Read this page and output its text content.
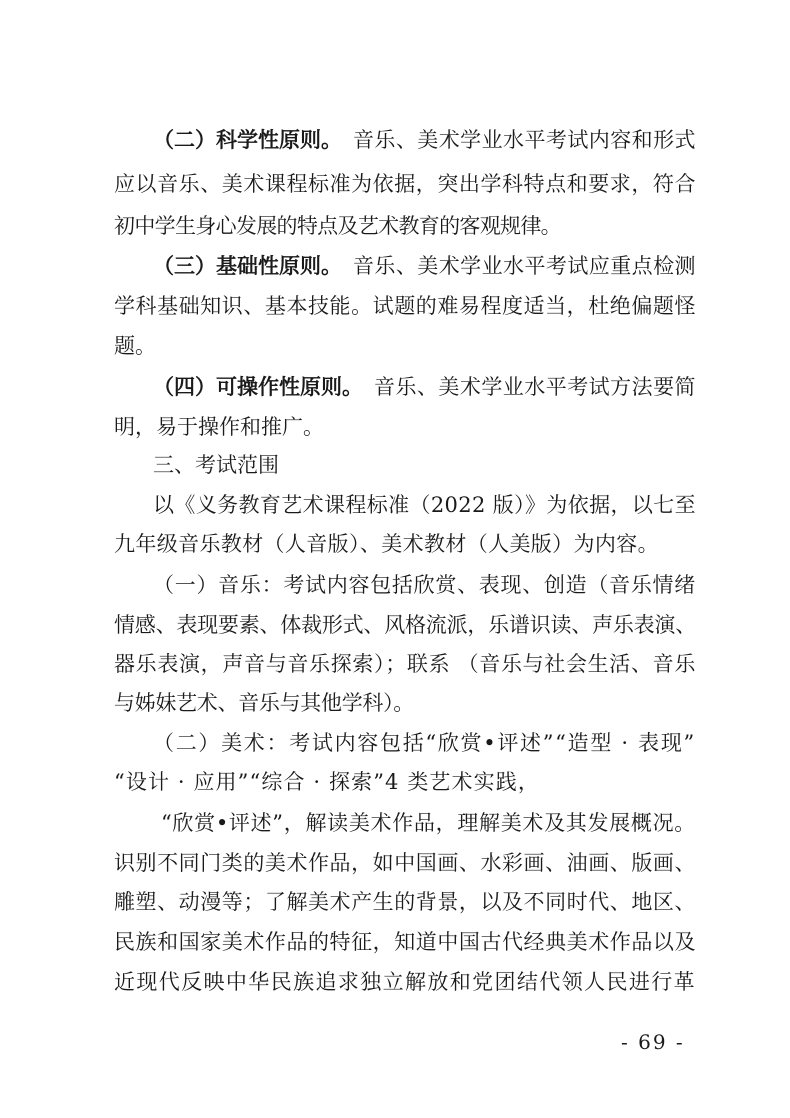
（二）科学性原则。 音乐、美术学业水平考试内容和形式
应以音乐、美术课程标准为依据，突出学科特点和要求，符合
初中学生身心发展的特点及艺术教育的客观规律。
（三）基础性原则。 音乐、美术学业水平考试应重点检测
学科基础知识、基本技能。试题的难易程度适当，杜绝偏题怪
题。
（四）可操作性原则。 音乐、美术学业水平考试方法要简
明，易于操作和推广。
三、考试范围
以《义务教育艺术课程标准（2022 版）》为依据，以七至
九年级音乐教材（人音版）、美术教材（人美版）为内容。
（一）音乐：考试内容包括欣赏、表现、创造（音乐情绪
情感、表现要素、体裁形式、风格流派，乐谱识读、声乐表演、
器乐表演，声音与音乐探索）；联系 （音乐与社会生活、音乐
与姊妹艺术、音乐与其他学科）。
（二）美术：考试内容包括“欣赏•评述”“造型 · 表现”
“设计 · 应用”“综合 · 探索”4 类艺术实践，
“欣赏•评述”，解读美术作品，理解美术及其发展概况。
识别不同门类的美术作品，如中国画、水彩画、油画、版画、
雕塑、动漫等；了解美术产生的背景，以及不同时代、地区、
民族和国家美术作品的特征，知道中国古代经典美术作品以及
近现代反映中华民族追求独立解放和党团结代领人民进行革
- 69 -
